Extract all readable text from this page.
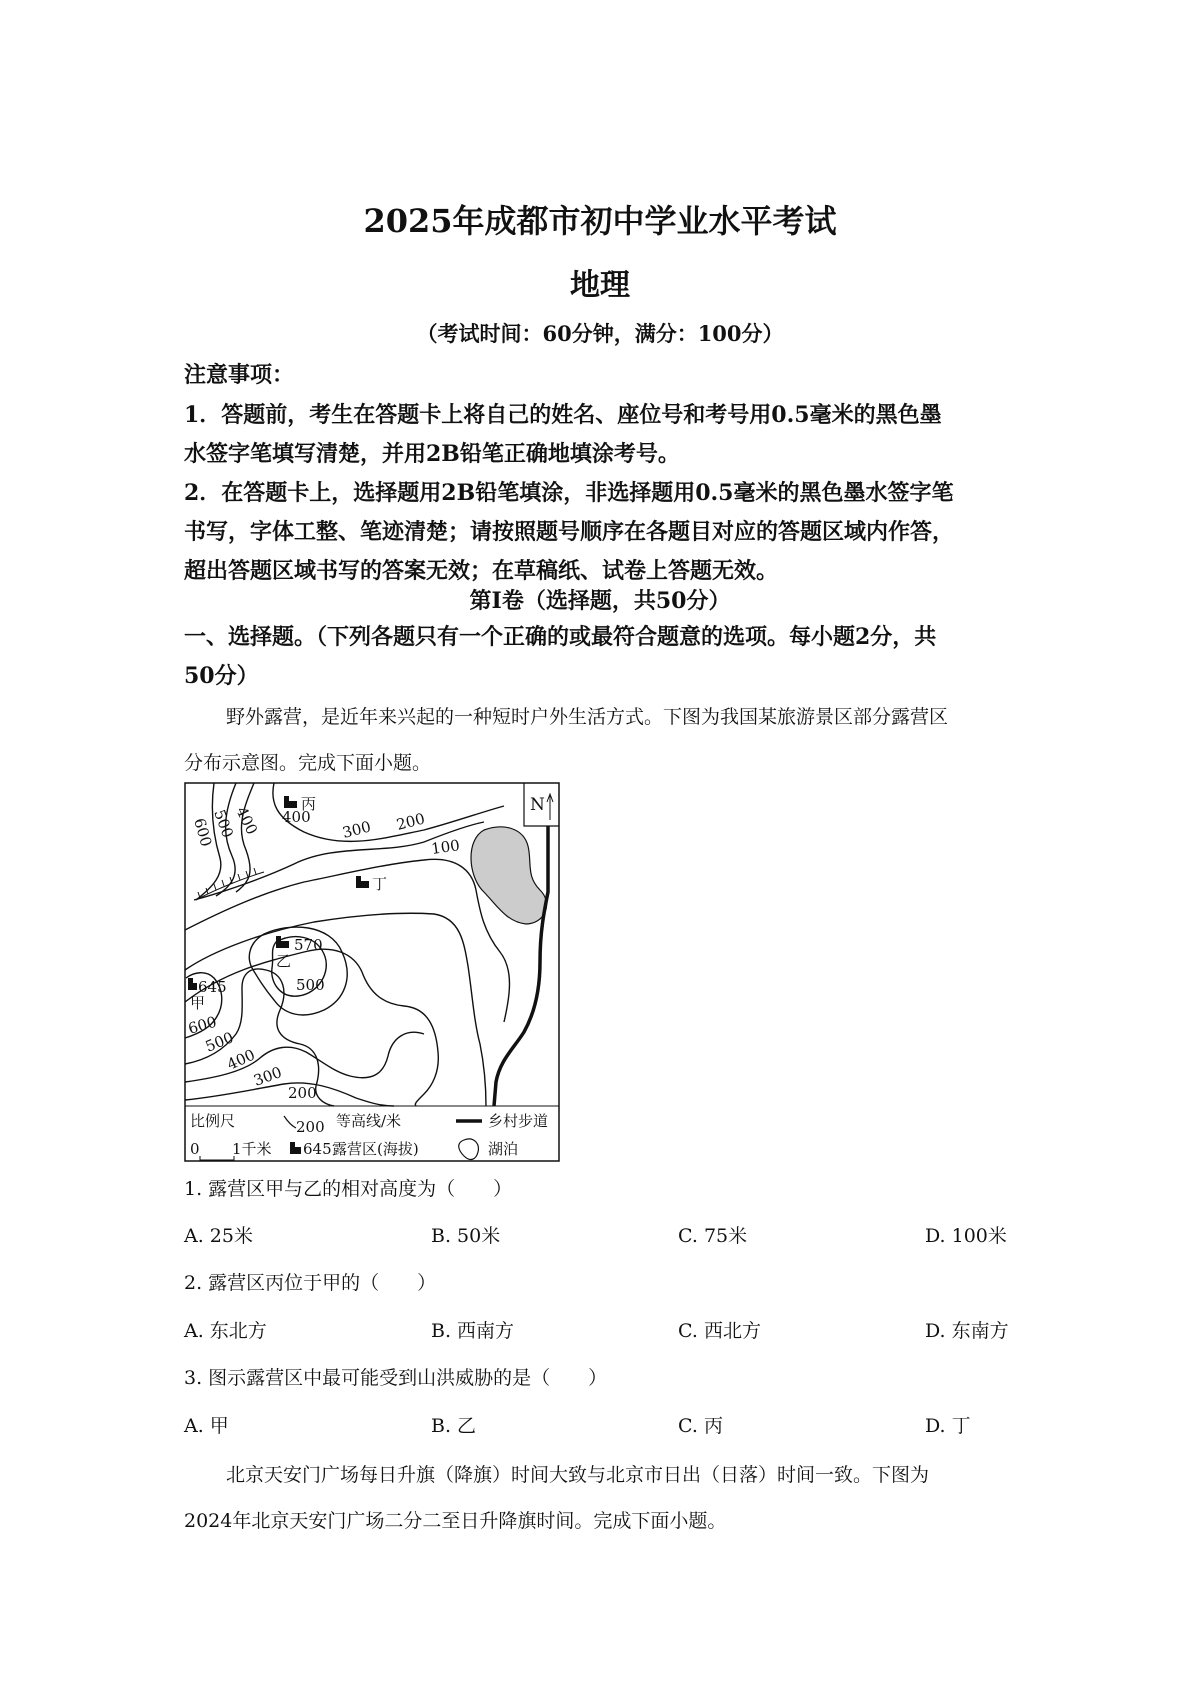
2025年成都市初中学业水平考试
地理
（考试时间：60分钟，满分：100分）
注意事项：
1．答题前，考生在答题卡上将自己的姓名、座位号和考号用0.5毫米的黑色墨
水签字笔填写清楚，并用2B铅笔正确地填涂考号。
2．在答题卡上，选择题用2B铅笔填涂，非选择题用0.5毫米的黑色墨水签字笔
书写，字体工整、笔迹清楚；请按照题号顺序在各题目对应的答题区域内作答，
超出答题区域书写的答案无效；在草稿纸、试卷上答题无效。
第Ⅰ卷（选择题，共50分）
一、选择题。（下列各题只有一个正确的或最符合题意的选项。每小题2分，共
50分）
野外露营，是近年来兴起的一种短时户外生活方式。下图为我国某旅游景区部分露营区
分布示意图。完成下面小题。
N
400
500
600	400
300 200
100
500
600
500
400
300
200
丙
丁
570
乙
645
甲
比例尺
0 1千米
200 等高线/米
645 露营区(海拔)
乡村步道
湖泊
1. 露营区甲与乙的相对高度为（　　）
A. 25米	B. 50米	C. 75米	D. 100米
2. 露营区丙位于甲的（　　）
A. 东北方	B. 西南方	C. 西北方	D. 东南方
3. 图示露营区中最可能受到山洪威胁的是（　　）
A. 甲	B. 乙	C. 丙	D. 丁
北京天安门广场每日升旗（降旗）时间大致与北京市日出（日落）时间一致。下图为
2024年北京天安门广场二分二至日升降旗时间。完成下面小题。
